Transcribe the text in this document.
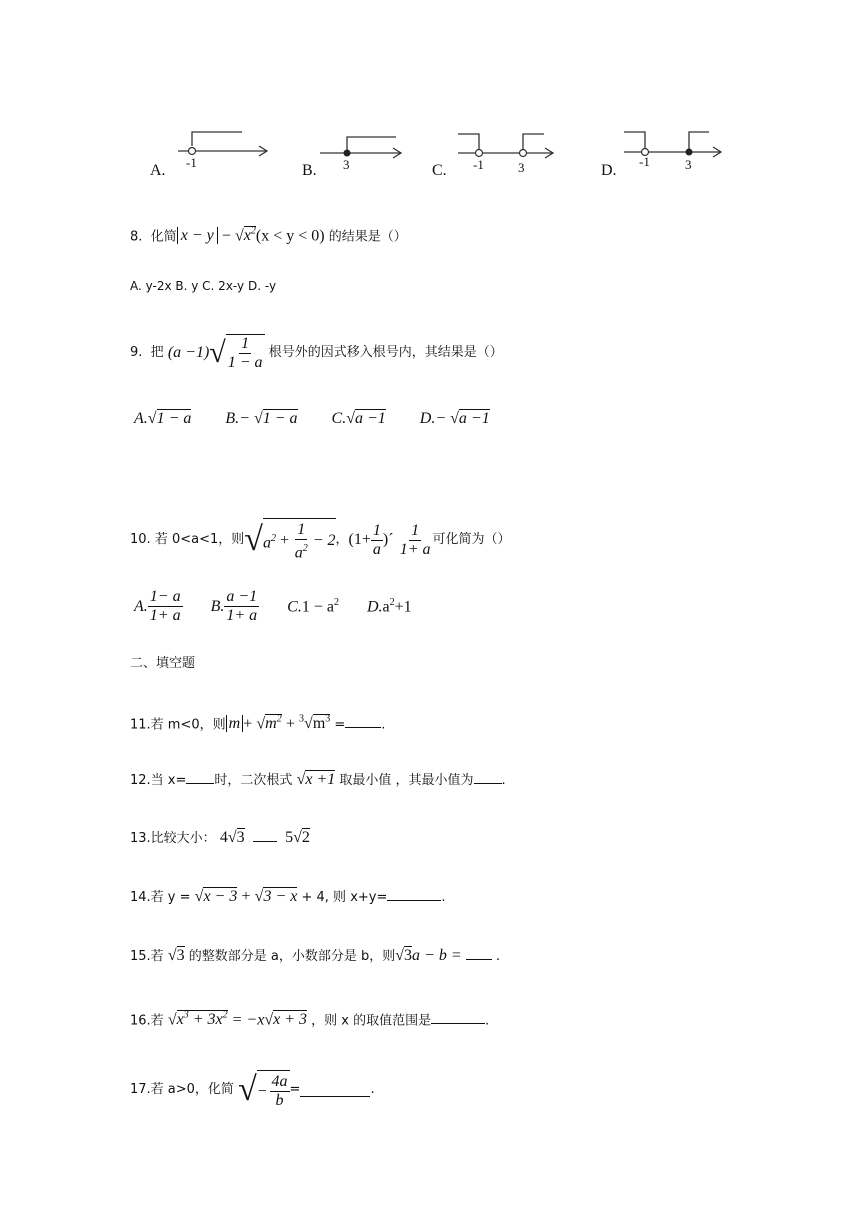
A. -1	B. 3	C. -1	3	D.
-1	3
8. 化简 $x - y - √x^2(x$ ˂ y ˂ 0) 的结果是（）
A. y-2x B. y C. 2x-y D. -y
9.
把
(a −1) √ $\frac{1}{1 - a}$
根号外的因式移入根号内，其结果是（）
A.√1 − a B.− √1 − a C.√a −1 D.− √a −1
10.
若 0<a<1，则 √ $a^2 + \frac{1}{a^2} - 2$ ， ($1+ \frac{1}{a}$ )´
$\frac{1}{1+ a}$ 可化简为（）
A. $\frac{1- a}{1+ a} B$. $\frac{a -1}{1+ a} C.1 - a^2$ $D.a^2+1$
二、填空题
11.若 m<0，则 $m + √m^2 + ^3√m^3$ =	.
12.当 x= 时，二次根式 √x +1 取最小值 ，其最小值为 .
13.比较大小： 4√3	5√2
14.若 y = √x − 3 + √3 − x + 4, 则 x+y=	.
15.若 √3 的整数部分是 a，小数部分是 b，则√3a − b =	.
16.若 $√x^3 + 3x^2 = -x√x + 3$ ，则 x 的取值范围是	.
17.若 a>0，化简
√ − $\frac{4a}{b}$ =	.
